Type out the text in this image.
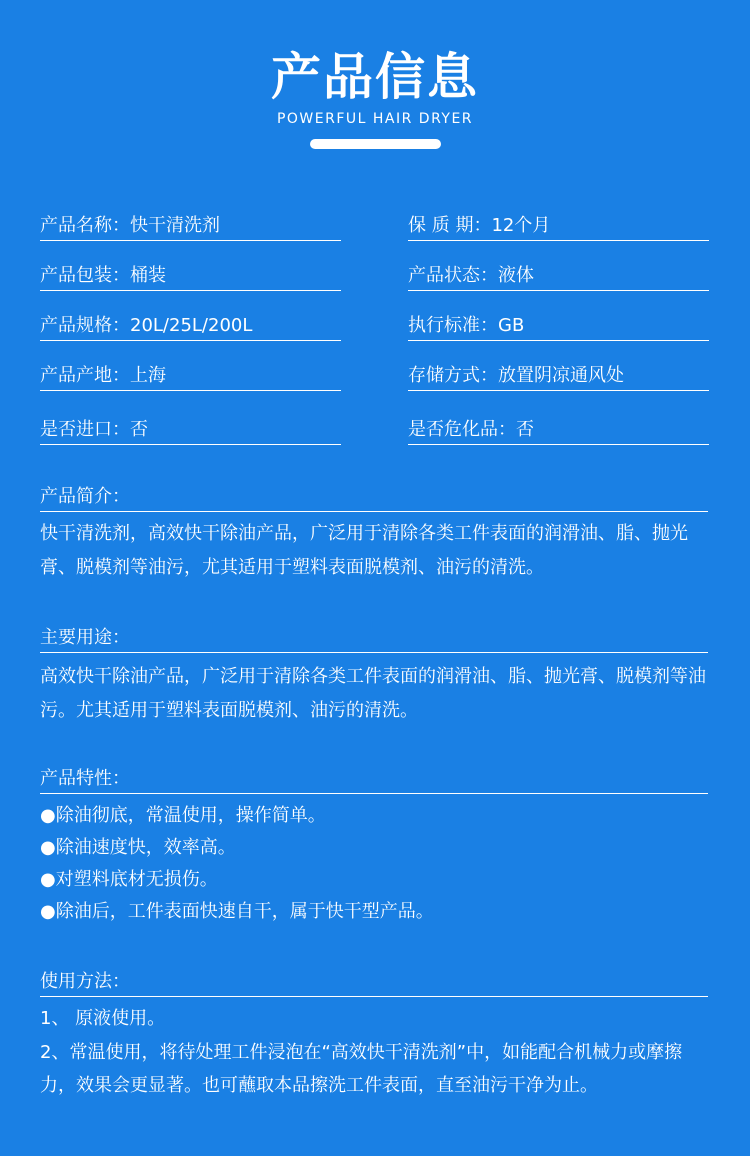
产品信息
POWERFUL HAIR DRYER
产品名称：快干清洗剂	保 质 期：12个月
产品包装：桶装	产品状态：液体
产品规格：20L/25L/200L	执行标准：GB
产品产地：上海	存储方式：放置阴凉通风处
是否进口：否	是否危化品：否
产品简介：

快干清洗剂，高效快干除油产品，广泛用于清除各类工件表面的润滑油、脂、抛光膏、脱模剂等油污，尤其适用于塑料表面脱模剂、油污的清洗。

主要用途：

高效快干除油产品，广泛用于清除各类工件表面的润滑油、脂、抛光膏、脱模剂等油污。尤其适用于塑料表面脱模剂、油污的清洗。

产品特性：
●除油彻底，常温使用，操作简单。
●除油速度快，效率高。
●对塑料底材无损伤。
●除油后，工件表面快速自干，属于快干型产品。
使用方法：
1、 原液使用。

2、常温使用，将待处理工件浸泡在“高效快干清洗剂”中，如能配合机械力或摩擦力，效果会更显著。也可蘸取本品擦洗工件表面，直至油污干净为止。
